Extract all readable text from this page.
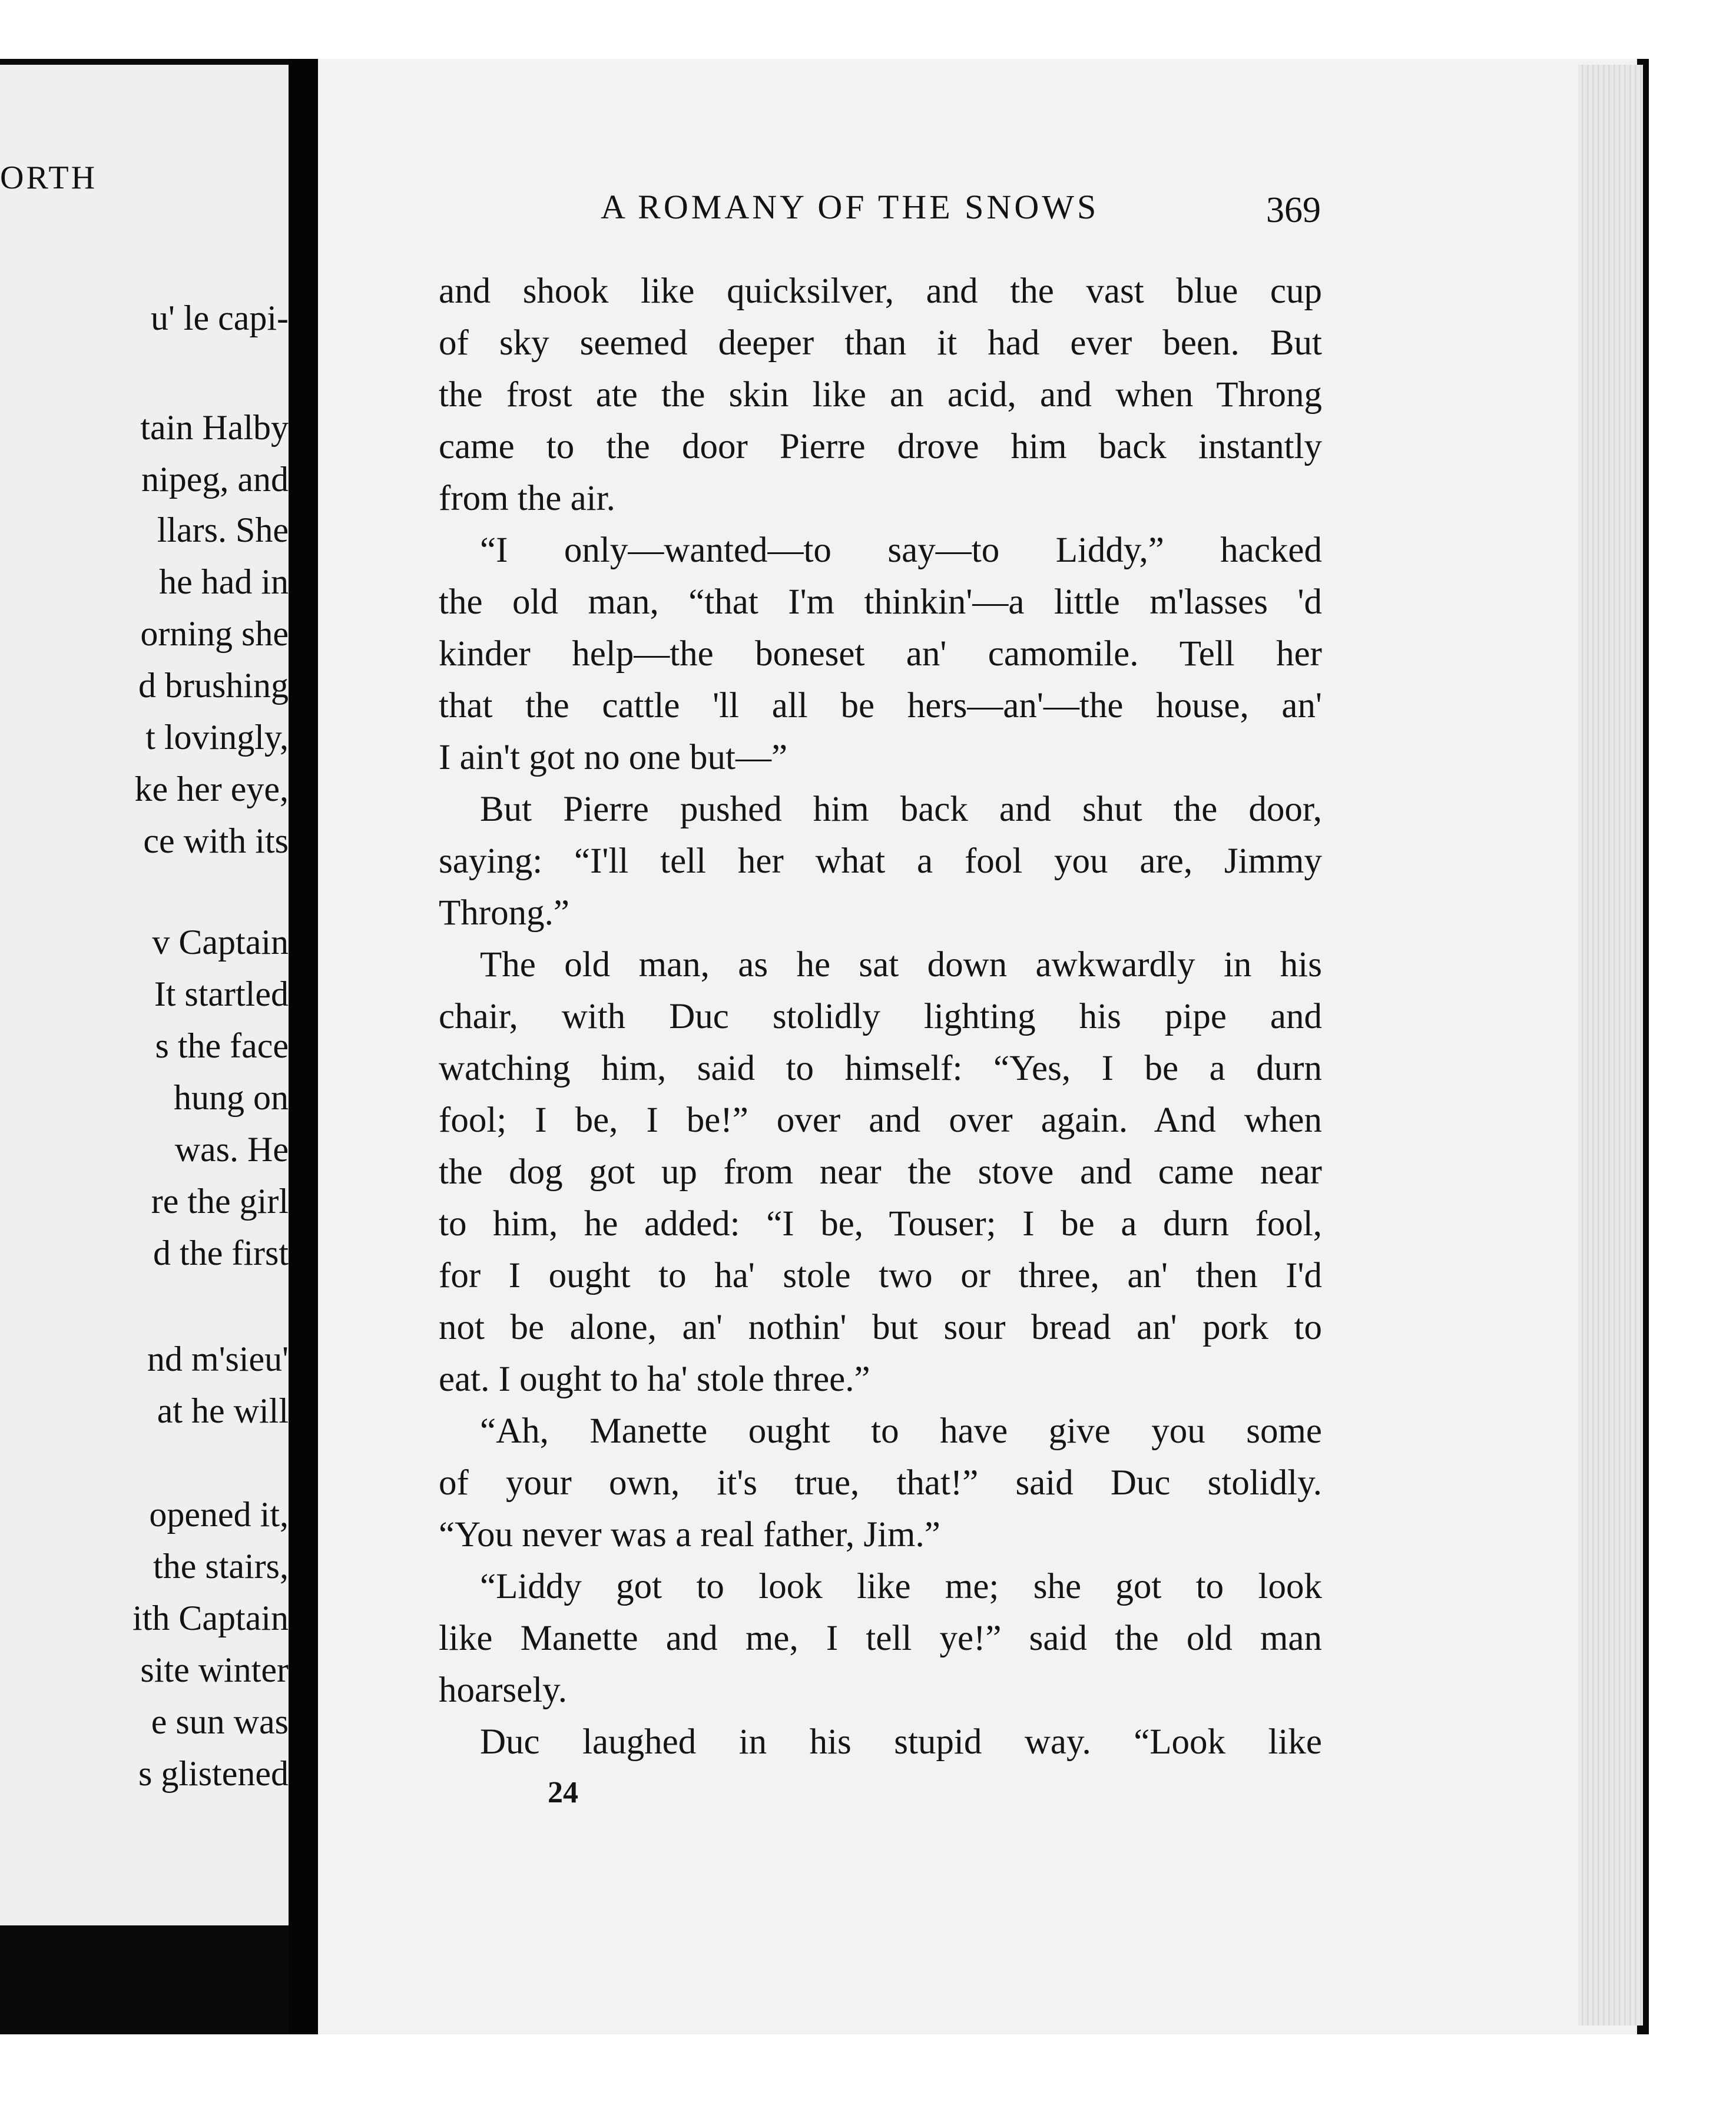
ORTH
u' le capi-
tain Halby
nipeg, and
llars. She
he had in
orning she
d brushing
t lovingly,
ke her eye,
ce with its
v Captain
It startled
s the face
hung on
was. He
re the girl
d the first
nd m'sieu'
at he will
opened it,
the stairs,
ith Captain
site winter
e sun was
s glistened
A ROMANY OF THE SNOWS	369
and shook like quicksilver, and the vast blue cup
of sky seemed deeper than it had ever been. But
the frost ate the skin like an acid, and when Throng
came to the door Pierre drove him back instantly
from the air.
“I only—wanted—to say—to Liddy,” hacked
the old man, “that I'm thinkin'—a little m'lasses 'd
kinder help—the boneset an' camomile. Tell her
that the cattle 'll all be hers—an'—the house, an'
I ain't got no one but—”
But Pierre pushed him back and shut the door,
saying: “I'll tell her what a fool you are, Jimmy
Throng.”
The old man, as he sat down awkwardly in his
chair, with Duc stolidly lighting his pipe and
watching him, said to himself: “Yes, I be a durn
fool; I be, I be!” over and over again. And when
the dog got up from near the stove and came near
to him, he added: “I be, Touser; I be a durn fool,
for I ought to ha' stole two or three, an' then I'd
not be alone, an' nothin' but sour bread an' pork to
eat. I ought to ha' stole three.”
“Ah, Manette ought to have give you some
of your own, it's true, that!” said Duc stolidly.
“You never was a real father, Jim.”
“Liddy got to look like me; she got to look
like Manette and me, I tell ye!” said the old man
hoarsely.
Duc laughed in his stupid way. “Look like
24
